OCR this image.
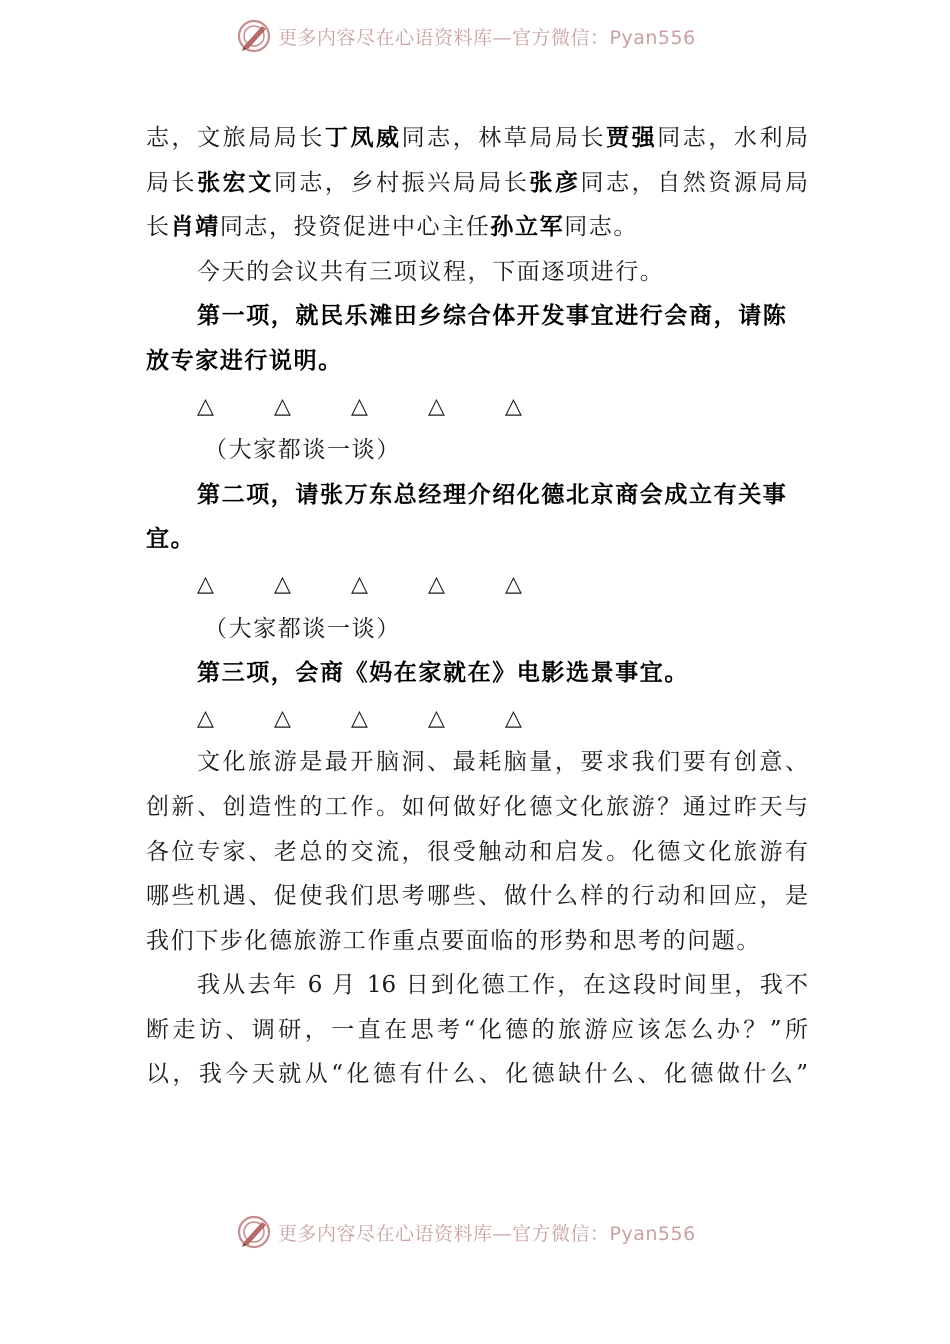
更多内容尽在心语资料库—官方微信：Pyan556
志，文旅局局长丁凤威同志，林草局局长贾强同志，水利局
局长张宏文同志，乡村振兴局局长张彦同志，自然资源局局
长肖靖同志，投资促进中心主任孙立军同志。
今天的会议共有三项议程，下面逐项进行。
第一项，就民乐滩田乡综合体开发事宜进行会商，请陈
放专家进行说明。
△	△	△	△	△
（大家都谈一谈）
第二项，请张万东总经理介绍化德北京商会成立有关事
宜。
△	△	△	△	△
（大家都谈一谈）
第三项，会商《妈在家就在》电影选景事宜。
△	△	△	△	△
文化旅游是最开脑洞、最耗脑量，要求我们要有创意、
创新、创造性的工作。如何做好化德文化旅游？通过昨天与
各位专家、老总的交流，很受触动和启发。化德文化旅游有
哪些机遇、促使我们思考哪些、做什么样的行动和回应，是
我们下步化德旅游工作重点要面临的形势和思考的问题。
我从去年 6 月 16 日到化德工作，在这段时间里，我不
断走访、调研，一直在思考“化德的旅游应该怎么办？”所
以，我今天就从“化德有什么、化德缺什么、化德做什么”
更多内容尽在心语资料库—官方微信：Pyan556
